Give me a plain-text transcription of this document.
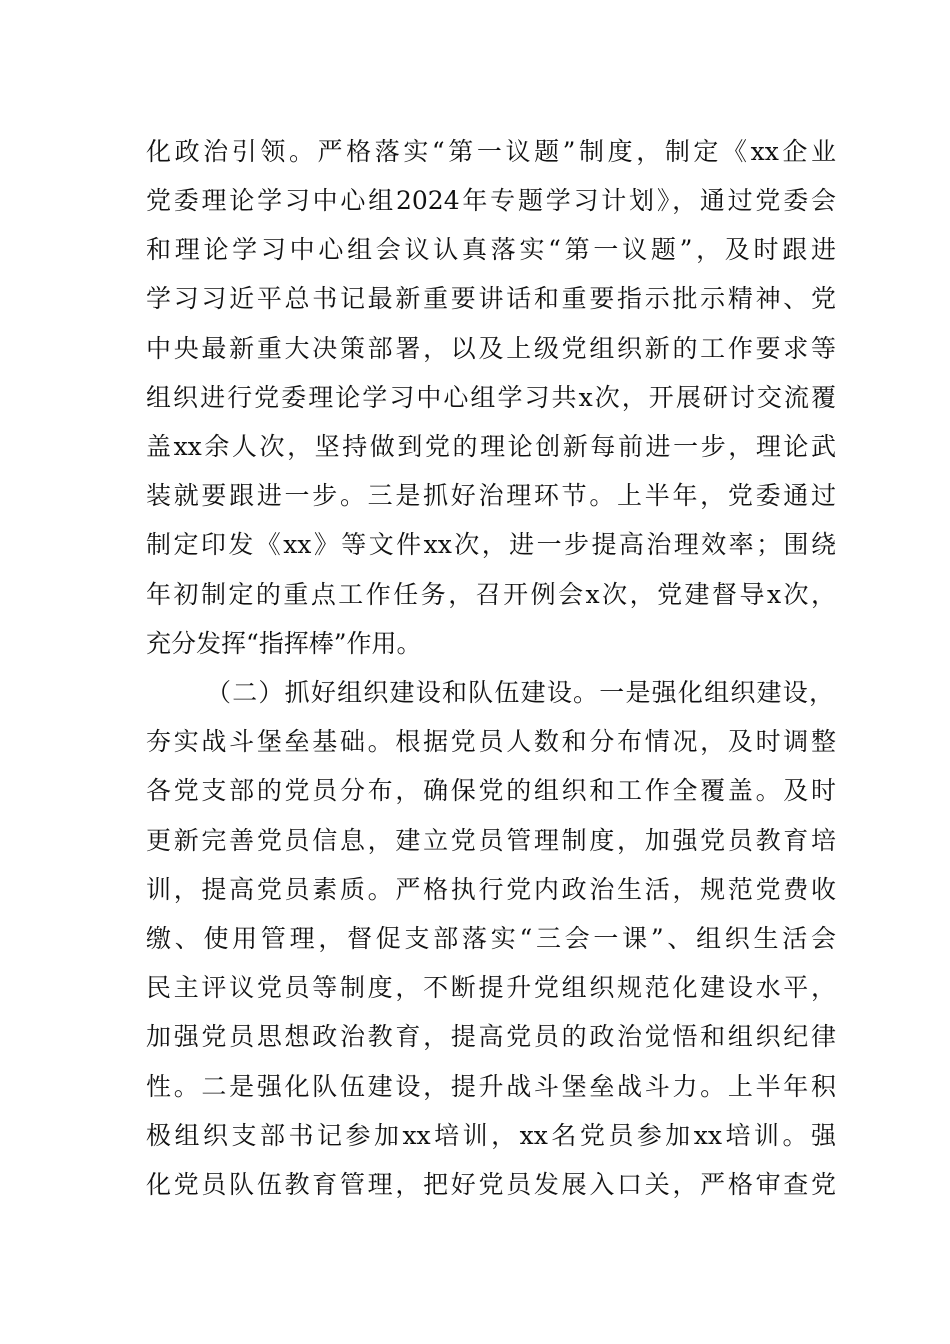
化政治引领。严格落实“第一议题”制度，制定《xx企业
党委理论学习中心组2024年专题学习计划》，通过党委会
和理论学习中心组会议认真落实“第一议题”，及时跟进
学习习近平总书记最新重要讲话和重要指示批示精神、党
中央最新重大决策部署，以及上级党组织新的工作要求等
组织进行党委理论学习中心组学习共x次，开展研讨交流覆
盖xx余人次，坚持做到党的理论创新每前进一步，理论武
装就要跟进一步。三是抓好治理环节。上半年，党委通过
制定印发《xx》等文件xx次，进一步提高治理效率；围绕
年初制定的重点工作任务，召开例会x次，党建督导x次，
充分发挥“指挥棒”作用。
（二）抓好组织建设和队伍建设。一是强化组织建设，
夯实战斗堡垒基础。根据党员人数和分布情况，及时调整
各党支部的党员分布，确保党的组织和工作全覆盖。及时
更新完善党员信息，建立党员管理制度，加强党员教育培
训，提高党员素质。严格执行党内政治生活，规范党费收
缴、使用管理，督促支部落实“三会一课”、组织生活会
民主评议党员等制度，不断提升党组织规范化建设水平，
加强党员思想政治教育，提高党员的政治觉悟和组织纪律
性。二是强化队伍建设，提升战斗堡垒战斗力。上半年积
极组织支部书记参加xx培训，xx名党员参加xx培训。强
化党员队伍教育管理，把好党员发展入口关，严格审查党
